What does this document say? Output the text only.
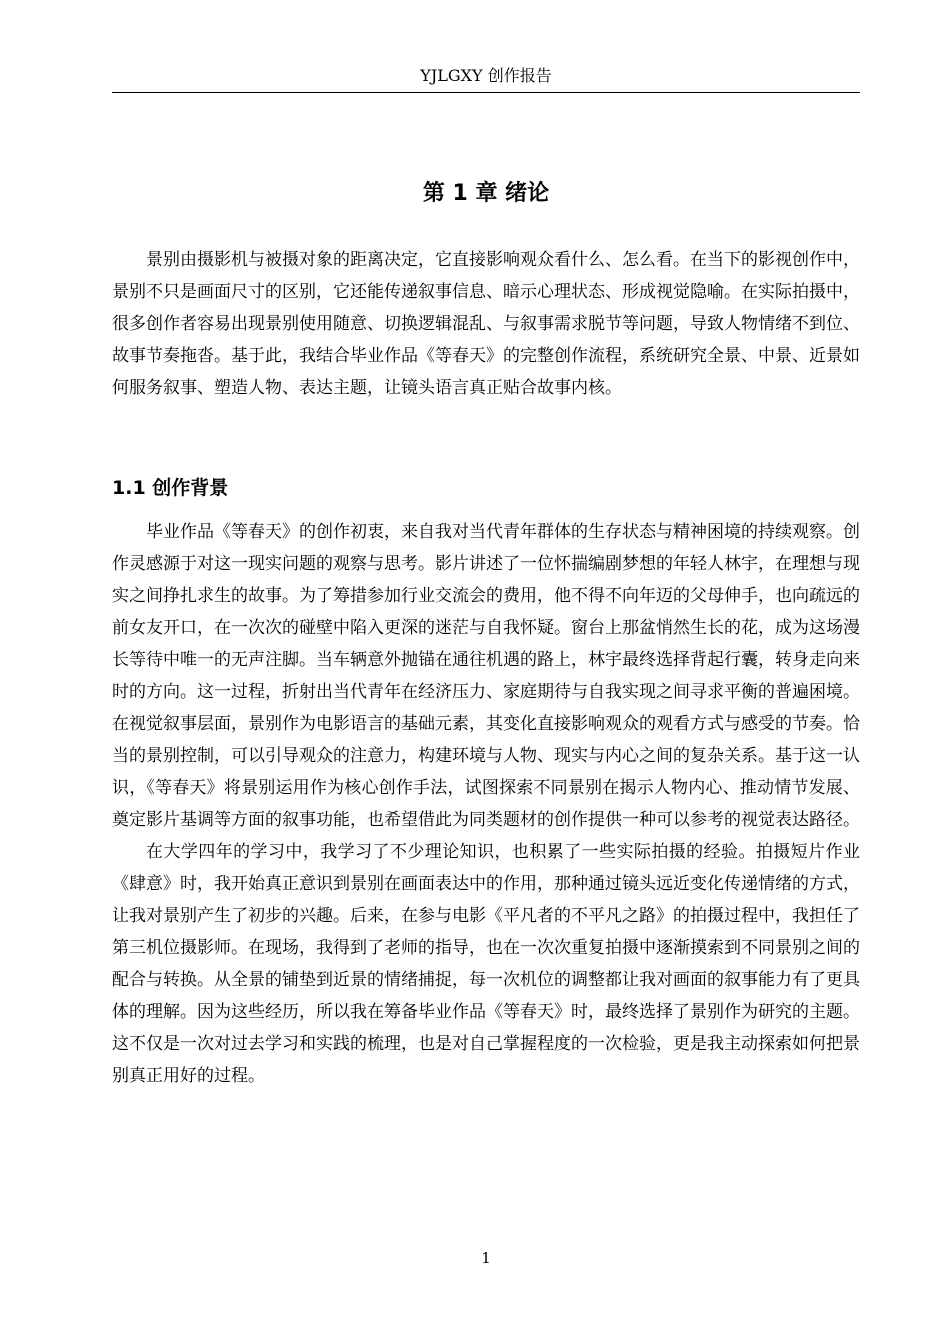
YJLGXY 创作报告
第 1 章 绪论

景别由摄影机与被摄对象的距离决定，它直接影响观众看什么、怎么看。在当下的影视创作中，景别不只是画面尺寸的区别，它还能传递叙事信息、暗示心理状态、形成视觉隐喻。在实际拍摄中，很多创作者容易出现景别使用随意、切换逻辑混乱、与叙事需求脱节等问题，导致人物情绪不到位、故事节奏拖沓。基于此，我结合毕业作品《等春天》的完整创作流程，系统研究全景、中景、近景如何服务叙事、塑造人物、表达主题，让镜头语言真正贴合故事内核。

1.1 创作背景

毕业作品《等春天》的创作初衷，来自我对当代青年群体的生存状态与精神困境的持续观察。创作灵感源于对这一现实问题的观察与思考。影片讲述了一位怀揣编剧梦想的年轻人林宇，在理想与现实之间挣扎求生的故事。为了筹措参加行业交流会的费用，他不得不向年迈的父母伸手，也向疏远的前女友开口，在一次次的碰壁中陷入更深的迷茫与自我怀疑。窗台上那盆悄然生长的花，成为这场漫长等待中唯一的无声注脚。当车辆意外抛锚在通往机遇的路上，林宇最终选择背起行囊，转身走向来时的方向。这一过程，折射出当代青年在经济压力、家庭期待与自我实现之间寻求平衡的普遍困境。在视觉叙事层面，景别作为电影语言的基础元素，其变化直接影响观众的观看方式与感受的节奏。恰当的景别控制，可以引导观众的注意力，构建环境与人物、现实与内心之间的复杂关系。基于这一认识，《等春天》将景别运用作为核心创作手法，试图探索不同景别在揭示人物内心、推动情节发展、奠定影片基调等方面的叙事功能，也希望借此为同类题材的创作提供一种可以参考的视觉表达路径。

在大学四年的学习中，我学习了不少理论知识，也积累了一些实际拍摄的经验。拍摄短片作业《肆意》时，我开始真正意识到景别在画面表达中的作用，那种通过镜头远近变化传递情绪的方式，让我对景别产生了初步的兴趣。后来，在参与电影《平凡者的不平凡之路》的拍摄过程中，我担任了第三机位摄影师。在现场，我得到了老师的指导，也在一次次重复拍摄中逐渐摸索到不同景别之间的配合与转换。从全景的铺垫到近景的情绪捕捉，每一次机位的调整都让我对画面的叙事能力有了更具体的理解。因为这些经历，所以我在筹备毕业作品《等春天》时，最终选择了景别作为研究的主题。这不仅是一次对过去学习和实践的梳理，也是对自己掌握程度的一次检验，更是我主动探索如何把景别真正用好的过程。

1
